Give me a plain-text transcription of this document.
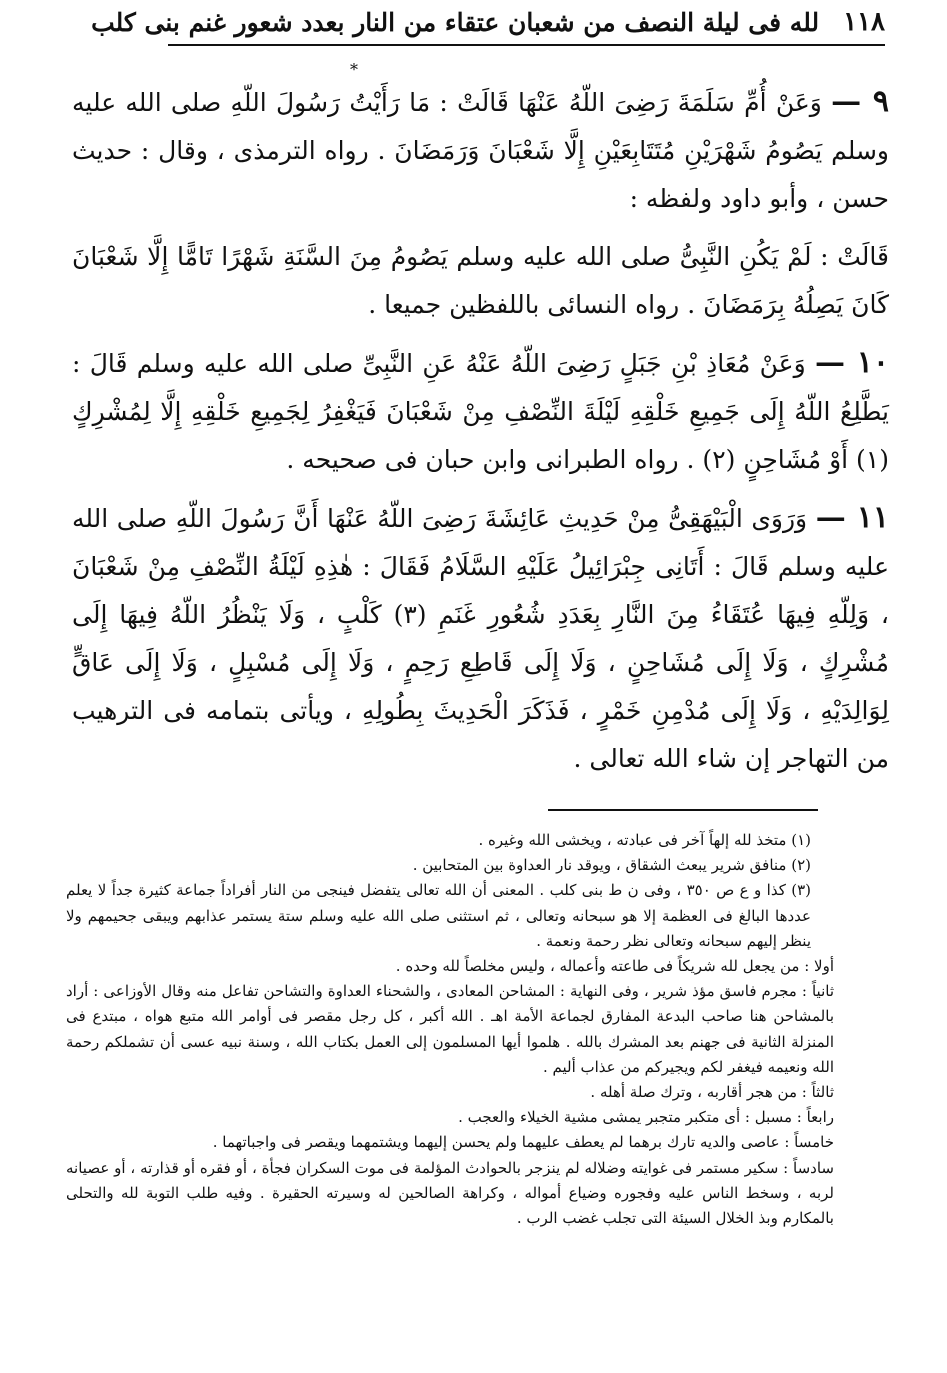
١١٨
لله فى ليلة النصف من شعبان عتقاء من النار بعدد شعور غنم بنى كلب
*

٩ — وَعَنْ أُمِّ سَلَمَةَ رَضِىَ اللّهُ عَنْهَا قَالَتْ : مَا رَأَيْتُ رَسُولَ اللّهِ صلى الله عليه وسلم يَصُومُ شَهْرَيْنِ مُتَتَابِعَيْنِ إِلَّا شَعْبَانَ وَرَمَضَانَ . رواه الترمذى ، وقال : حديث حسن ، وأبو داود ولفظه :

قَالَتْ : لَمْ يَكُنِ النَّبِىُّ صلى الله عليه وسلم يَصُومُ مِنَ السَّنَةِ شَهْرًا تَامًّا إِلَّا شَعْبَانَ كَانَ يَصِلُهُ بِرَمَضَانَ . رواه النسائى باللفظين جميعا .

١٠ — وَعَنْ مُعَاذِ بْنِ جَبَلٍ رَضِىَ اللّهُ عَنْهُ عَنِ النَّبِىِّ صلى الله عليه وسلم قَالَ : يَطَّلِعُ اللّهُ إِلَى جَمِيعِ خَلْقِهِ لَيْلَةَ النِّصْفِ مِنْ شَعْبَانَ فَيَغْفِرُ لِجَمِيعِ خَلْقِهِ إِلَّا لِمُشْرِكٍ (١) أَوْ مُشَاحِنٍ (٢) . رواه الطبرانى وابن حبان فى صحيحه .

١١ — وَرَوَى الْبَيْهَقِىُّ مِنْ حَدِيثِ عَائِشَةَ رَضِىَ اللّهُ عَنْهَا أَنَّ رَسُولَ اللّهِ صلى الله عليه وسلم قَالَ : أَتَانِى جِبْرَائِيلُ عَلَيْهِ السَّلَامُ فَقَالَ : هٰذِهِ لَيْلَةُ النِّصْفِ مِنْ شَعْبَانَ ، وَلِلّهِ فِيهَا عُتَقَاءُ مِنَ النَّارِ بِعَدَدِ شُعُورِ غَنَمِ (٣) كَلْبٍ ، وَلَا يَنْظُرُ اللّهُ فِيهَا إِلَى مُشْرِكٍ ، وَلَا إِلَى مُشَاحِنٍ ، وَلَا إِلَى قَاطِعِ رَحِمٍ ، وَلَا إِلَى مُسْبِلٍ ، وَلَا إِلَى عَاقٍّ لِوَالِدَيْهِ ، وَلَا إِلَى مُدْمِنِ خَمْرٍ ، فَذَكَرَ الْحَدِيثَ بِطُولِهِ ، ويأتى بتمامه فى الترهيب من التهاجر إن شاء الله تعالى .

(١) متخذ لله إلهاً آخر فى عبادته ، ويخشى الله وغيره .

(٢) منافق شرير يبعث الشقاق ، ويوقد نار العداوة بين المتحابين .

(٣) كذا و ع ص ٣٥٠ ، وفى ن ط بنى كلب . المعنى أن الله تعالى يتفضل فينجى من النار أفراداً جماعة كثيرة جداً لا يعلم عددها البالغ فى العظمة إلا هو سبحانه وتعالى ، ثم استثنى صلى الله عليه وسلم ستة يستمر عذابهم ويبقى جحيمهم ولا ينظر إليهم سبحانه وتعالى نظر رحمة ونعمة .

أولا : من يجعل لله شريكاً فى طاعته وأعماله ، وليس مخلصاً لله وحده .

ثانياً : مجرم فاسق مؤذ شرير ، وفى النهاية : المشاحن المعادى ، والشحناء العداوة والتشاحن تفاعل منه وقال الأوزاعى : أراد بالمشاحن هنا صاحب البدعة المفارق لجماعة الأمة اهـ . الله أكبر ، كل رجل مقصر فى أوامر الله متبع هواه ، مبتدع فى المنزلة الثانية فى جهنم بعد المشرك بالله . هلموا أيها المسلمون إلى العمل بكتاب الله ، وسنة نبيه عسى أن تشملكم رحمة الله ونعيمه فيغفر لكم ويجيركم من عذاب أليم .

ثالثاً : من هجر أقاربه ، وترك صلة أهله .

رابعاً : مسبل : أى متكبر متجبر يمشى مشية الخيلاء والعجب .

خامساً : عاصى والديه تارك برهما لم يعطف عليهما ولم يحسن إليهما ويشتمهما ويقصر فى واجباتهما .

سادساً : سكير مستمر فى غوايته وضلاله لم ينزجر بالحوادث المؤلمة فى موت السكران فجأة ، أو فقره أو قذارته ، أو عصيانه لربه ، وسخط الناس عليه وفجوره وضياع أمواله ، وكراهة الصالحين له وسيرته الحقيرة . وفيه طلب التوبة لله والتحلى بالمكارم وبذ الخلال السيئة التى تجلب غضب الرب .
